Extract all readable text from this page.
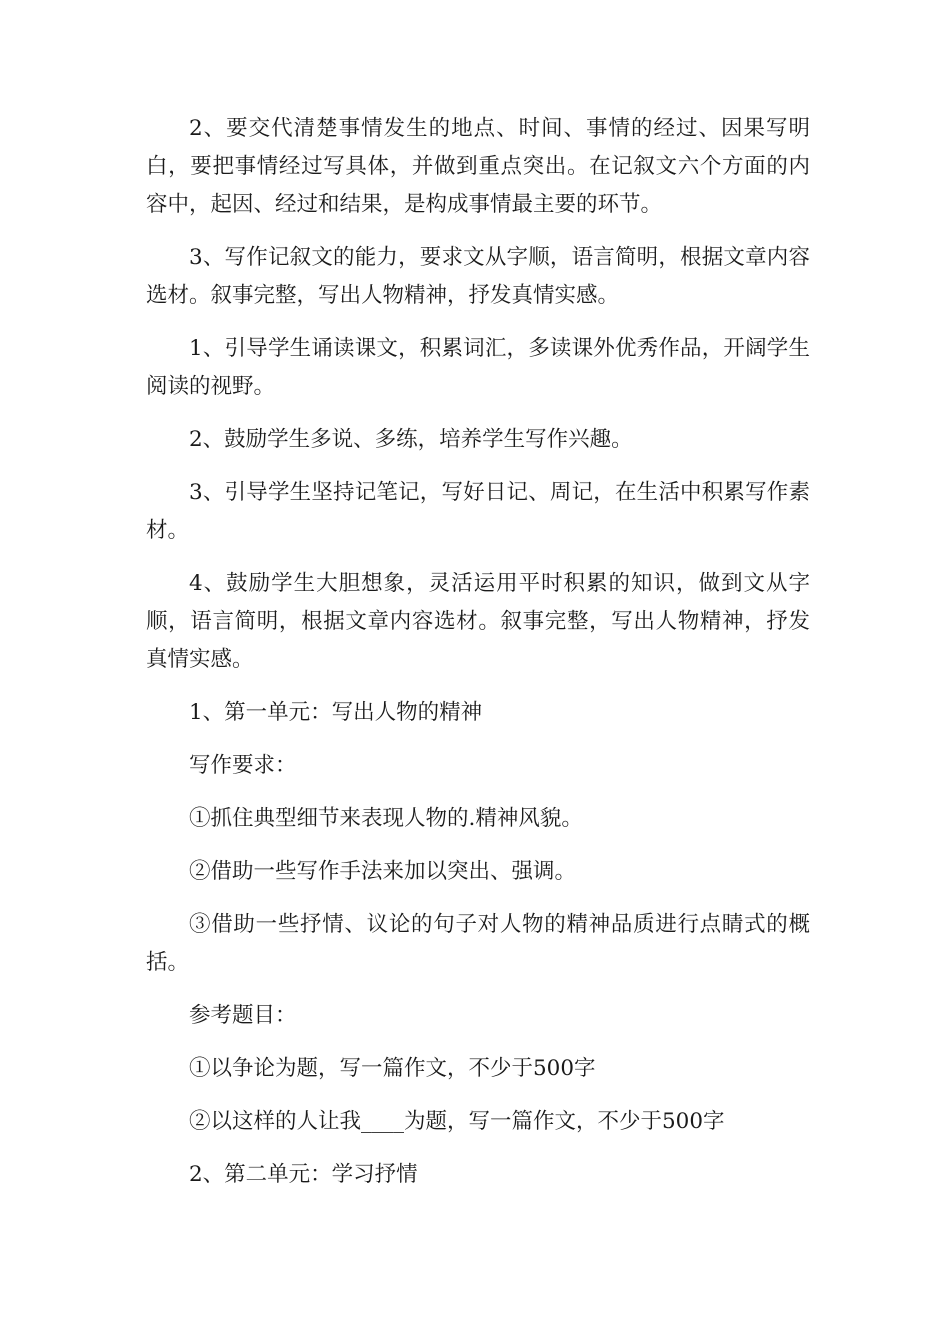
2、要交代清楚事情发生的地点、时间、事情的经过、因果写明白，要把事情经过写具体，并做到重点突出。在记叙文六个方面的内容中，起因、经过和结果，是构成事情最主要的环节。

3、写作记叙文的能力，要求文从字顺，语言简明，根据文章内容选材。叙事完整，写出人物精神，抒发真情实感。

1、引导学生诵读课文，积累词汇，多读课外优秀作品，开阔学生阅读的视野。

2、鼓励学生多说、多练，培养学生写作兴趣。

3、引导学生坚持记笔记，写好日记、周记，在生活中积累写作素材。

4、鼓励学生大胆想象，灵活运用平时积累的知识，做到文从字顺，语言简明，根据文章内容选材。叙事完整，写出人物精神，抒发真情实感。

1、第一单元：写出人物的精神

写作要求：

①抓住典型细节来表现人物的.精神风貌。

②借助一些写作手法来加以突出、强调。

③借助一些抒情、议论的句子对人物的精神品质进行点睛式的概括。

参考题目：

①以争论为题，写一篇作文，不少于500字

②以这样的人让我____为题，写一篇作文，不少于500字

2、第二单元：学习抒情
